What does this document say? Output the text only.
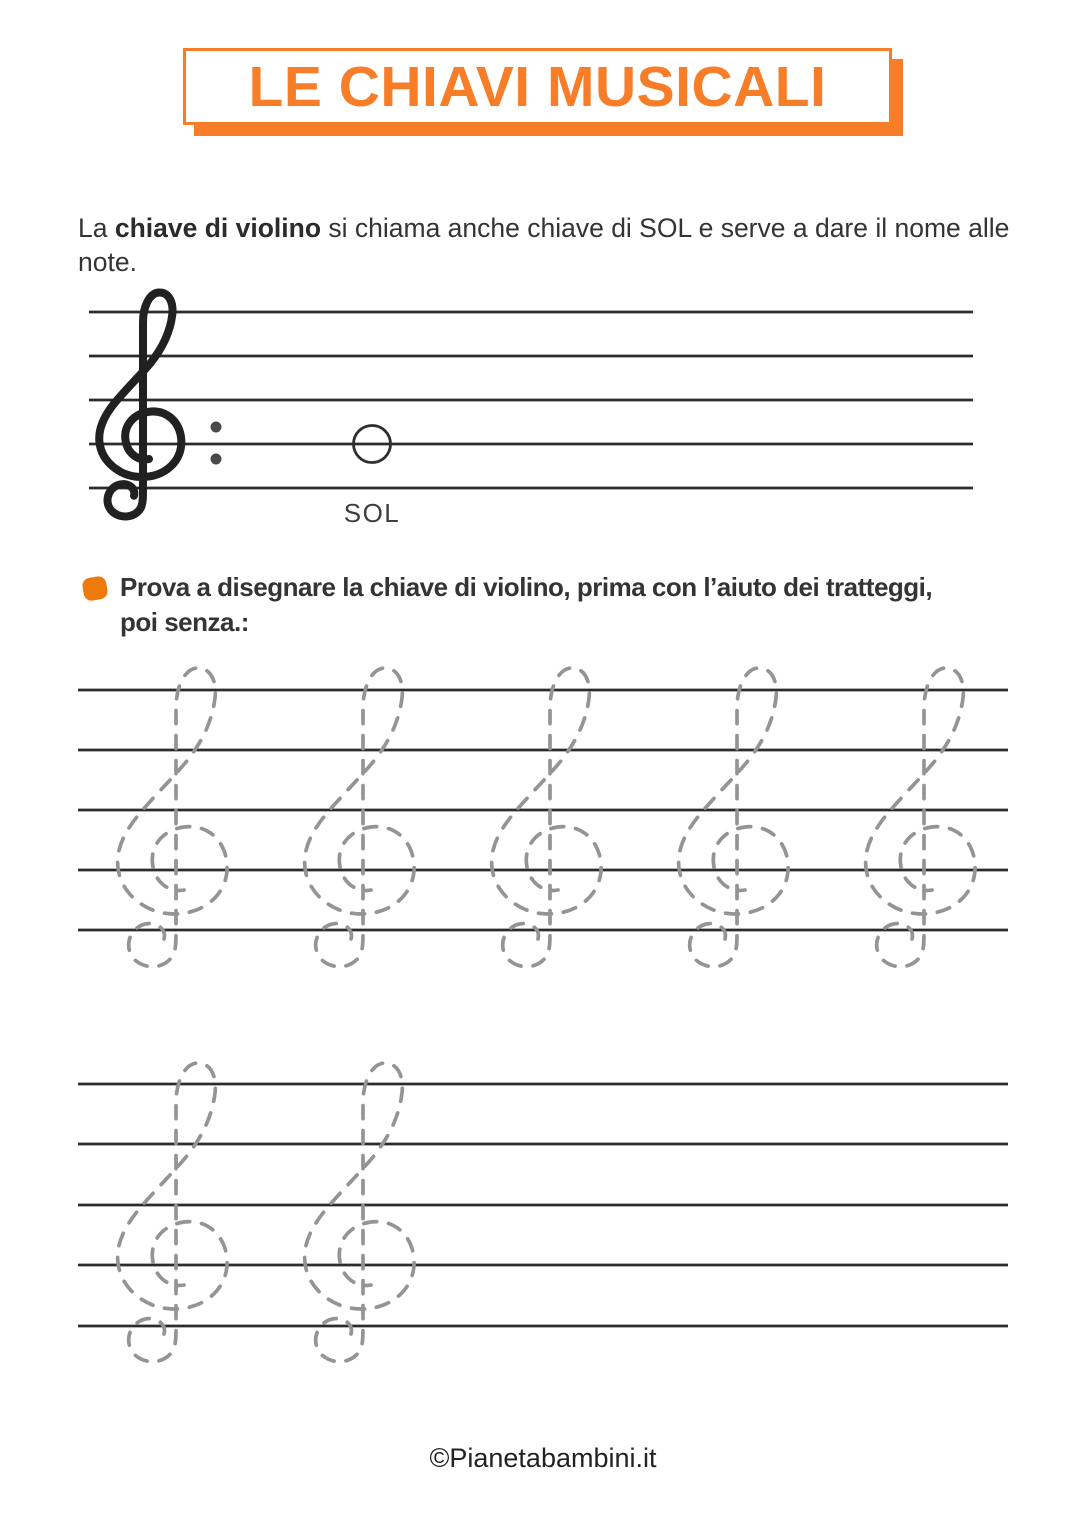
LE CHIAVI MUSICALI

La chiave di violino si chiama anche chiave di SOL e serve a dare il nome alle note.

SOL
Prova a disegnare la chiave di violino, prima con l’aiuto dei tratteggi,
poi senza.:
©Pianetabambini.it
